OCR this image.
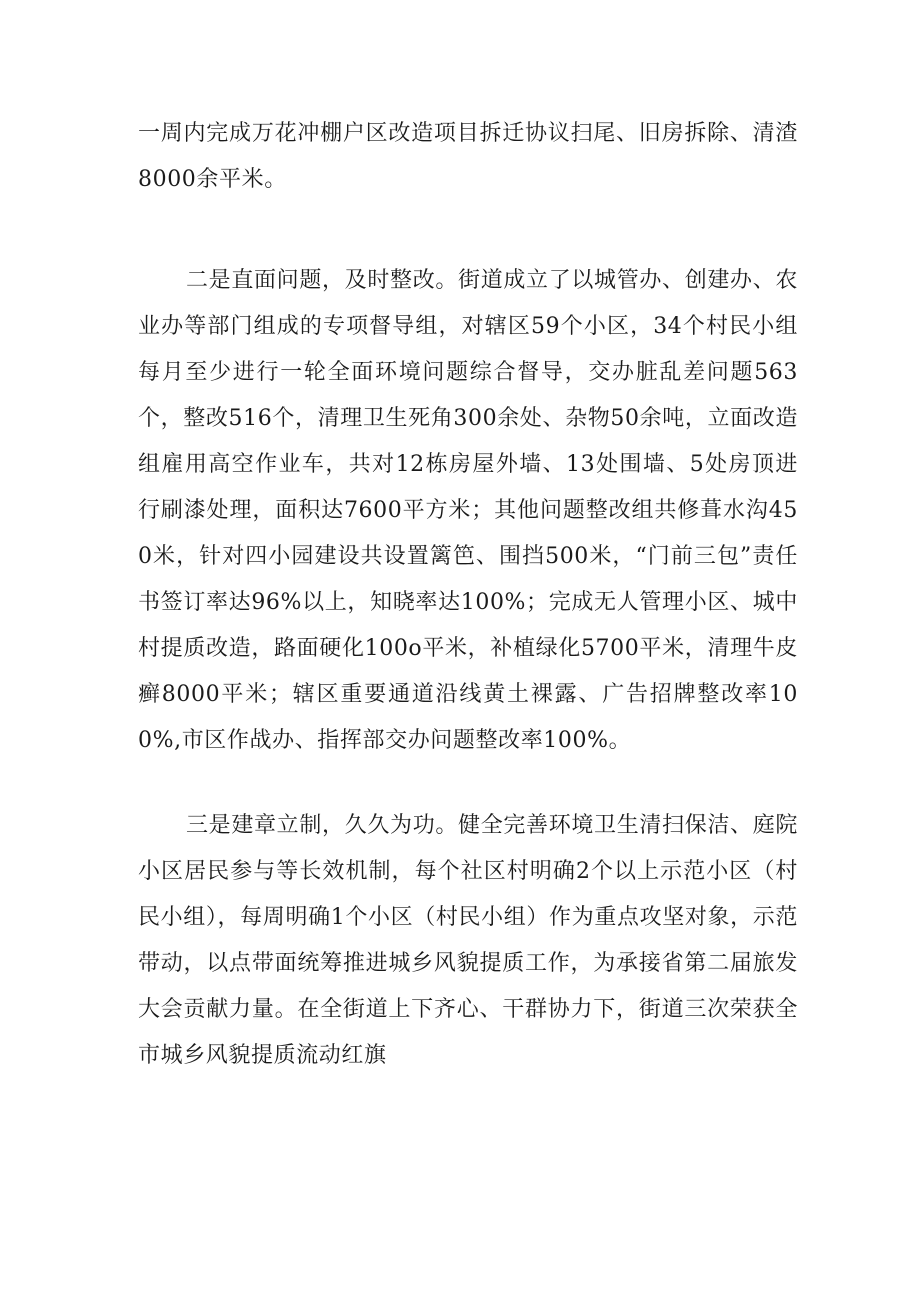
一周内完成万花冲棚户区改造项目拆迁协议扫尾、旧房拆除、清渣8000余平米。

二是直面问题，及时整改。街道成立了以城管办、创建办、农业办等部门组成的专项督导组，对辖区59个小区，34个村民小组每月至少进行一轮全面环境问题综合督导，交办脏乱差问题563个，整改516个，清理卫生死角300余处、杂物50余吨，立面改造组雇用高空作业车，共对12栋房屋外墙、13处围墙、5处房顶进行刷漆处理，面积达7600平方米；其他问题整改组共修葺水沟450米，针对四小园建设共设置篱笆、围挡500米，“门前三包”责任书签订率达96%以上，知晓率达100%；完成无人管理小区、城中村提质改造，路面硬化100o平米，补植绿化5700平米，清理牛皮癣8000平米；辖区重要通道沿线黄土裸露、广告招牌整改率100%,市区作战办、指挥部交办问题整改率100%。

三是建章立制，久久为功。健全完善环境卫生清扫保洁、庭院小区居民参与等长效机制，每个社区村明确2个以上示范小区（村民小组），每周明确1个小区（村民小组）作为重点攻坚对象，示范带动，以点带面统筹推进城乡风貌提质工作，为承接省第二届旅发大会贡献力量。在全街道上下齐心、干群协力下，街道三次荣获全市城乡风貌提质流动红旗
